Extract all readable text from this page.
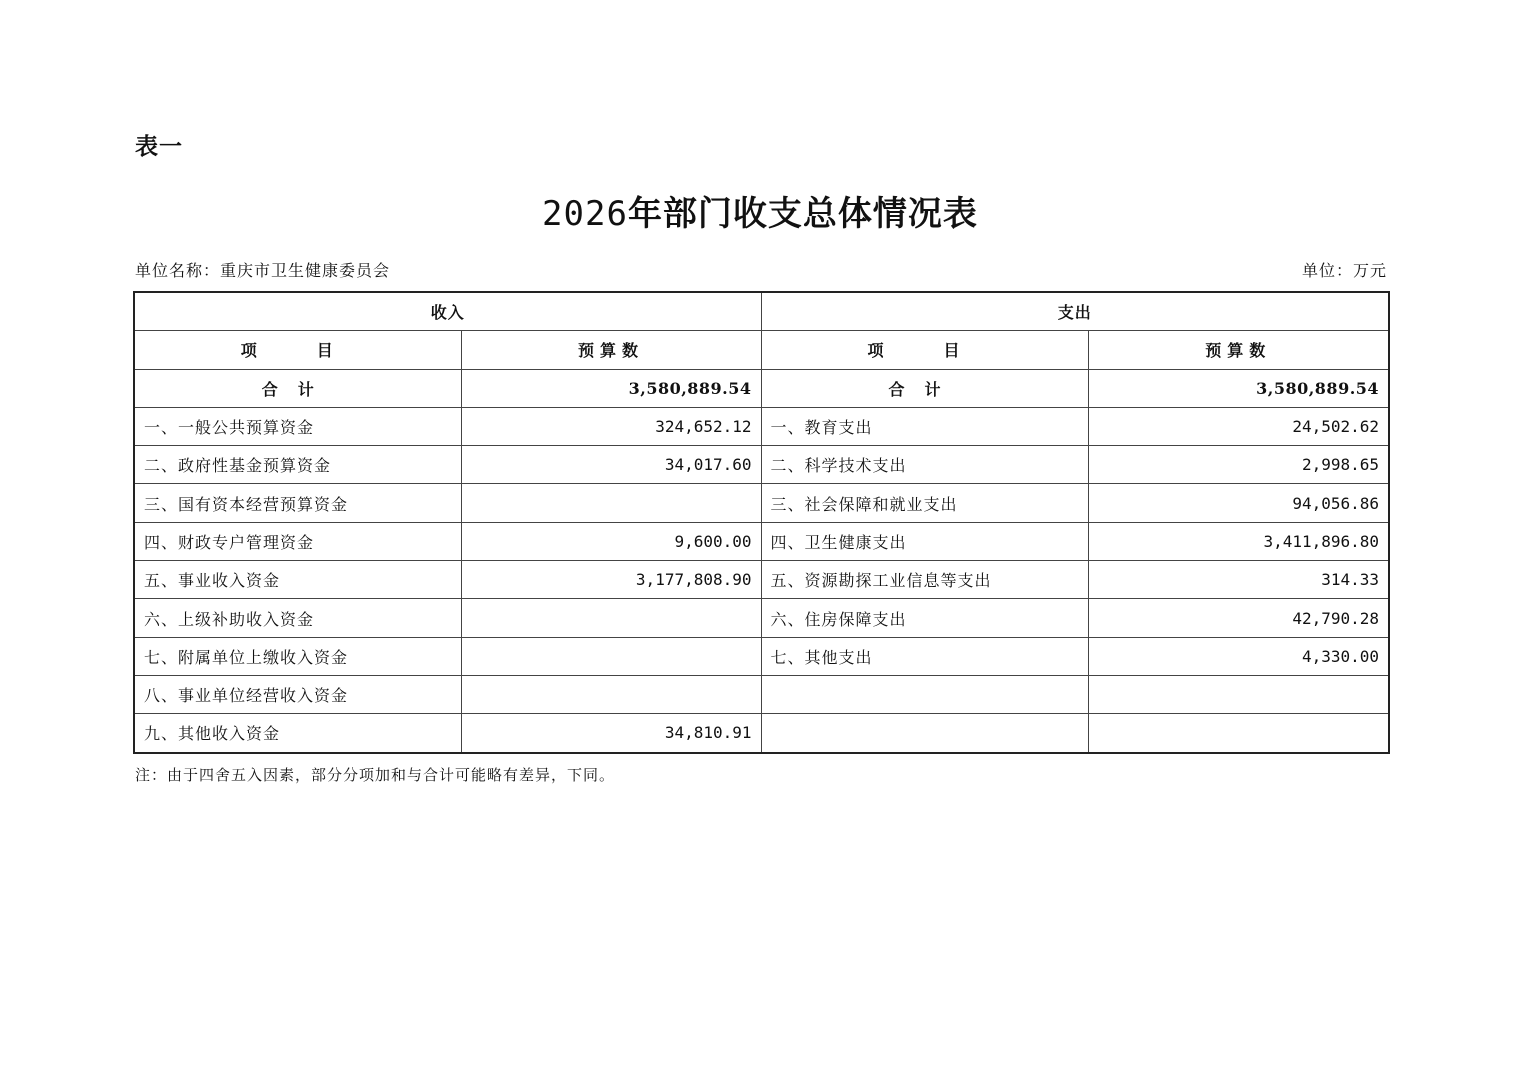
表一
2026年部门收支总体情况表
单位名称：重庆市卫生健康委员会	单位：万元
收入		支出	
项　目	预算数	项　目	预算数
合计	3,580,889.54	合计	3,580,889.54
一、一般公共预算资金	324,652.12	一、教育支出	24,502.62
二、政府性基金预算资金	34,017.60	二、科学技术支出	2,998.65
三、国有资本经营预算资金		三、社会保障和就业支出	94,056.86
四、财政专户管理资金	9,600.00	四、卫生健康支出	3,411,896.80
五、事业收入资金	3,177,808.90	五、资源勘探工业信息等支出	314.33
六、上级补助收入资金		六、住房保障支出	42,790.28
七、附属单位上缴收入资金		七、其他支出	4,330.00
八、事业单位经营收入资金			
九、其他收入资金	34,810.91		
注：由于四舍五入因素，部分分项加和与合计可能略有差异，下同。
